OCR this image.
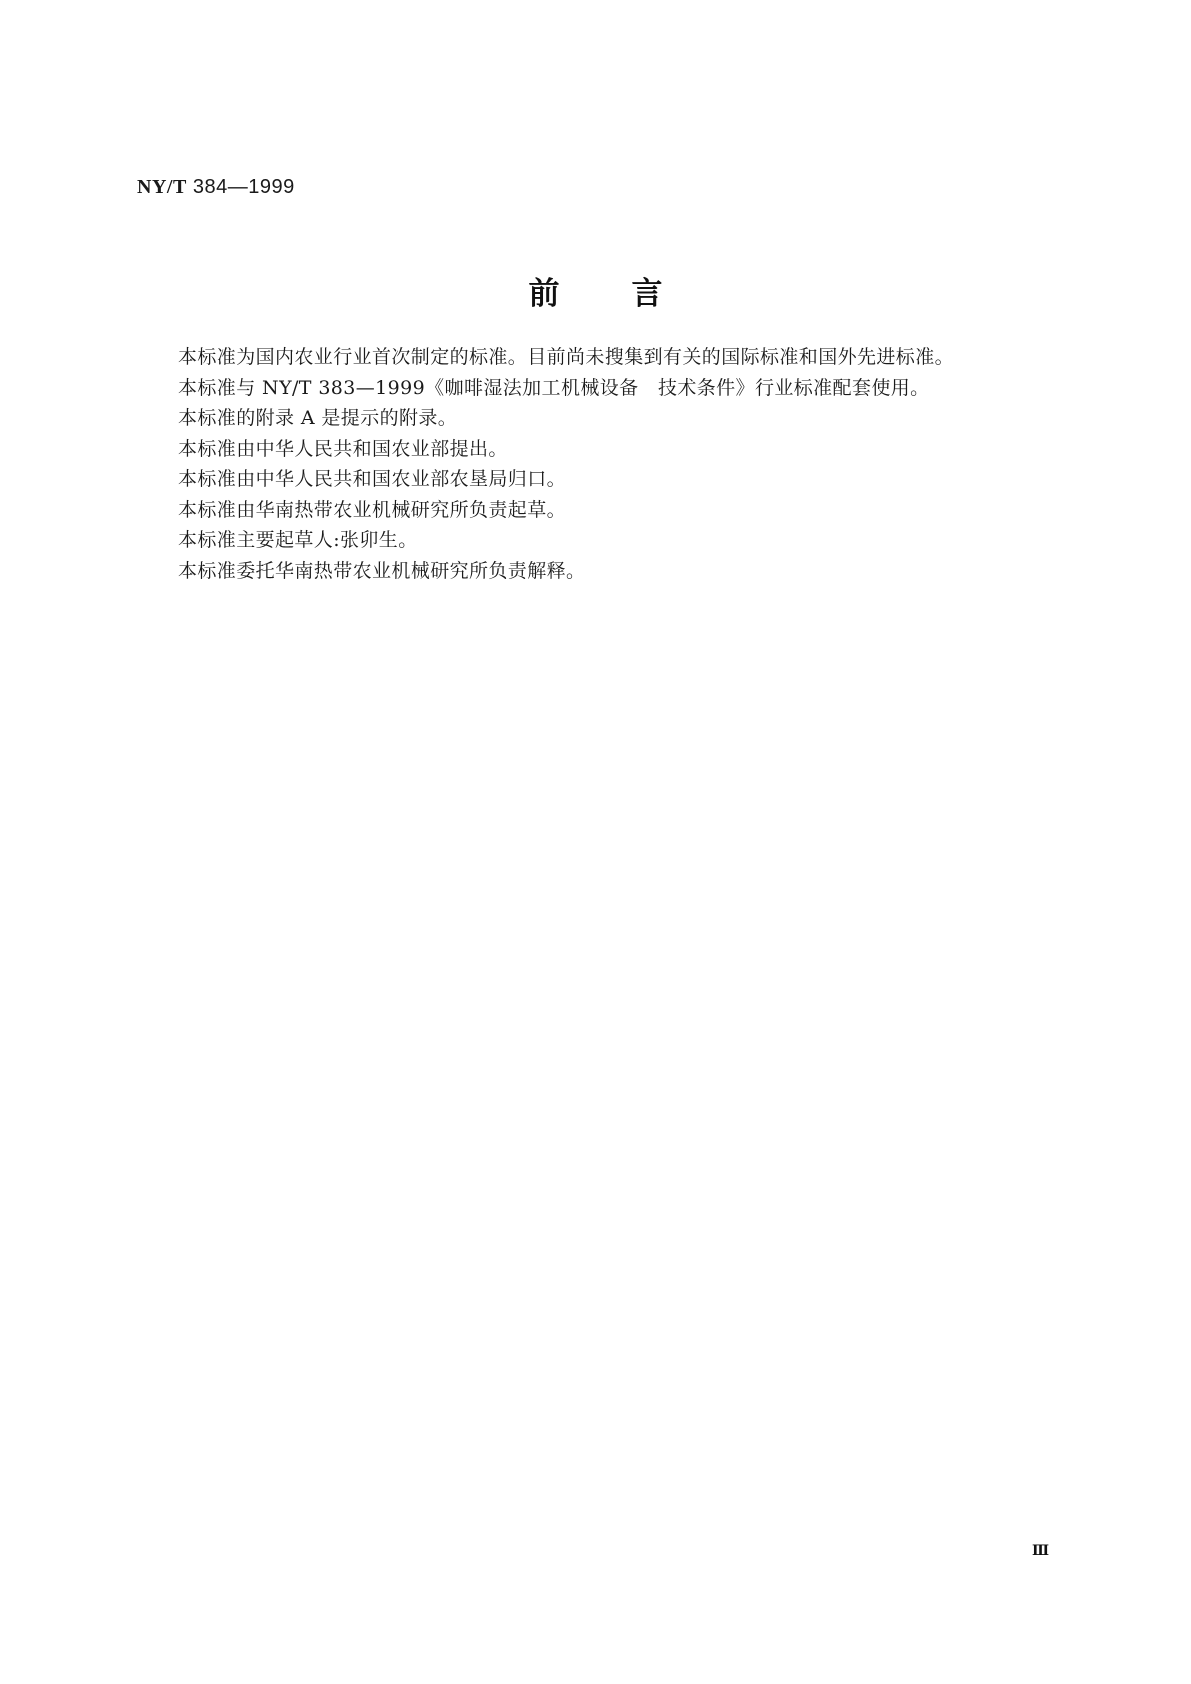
NY/T 384—1999
前言
本标准为国内农业行业首次制定的标准。目前尚未搜集到有关的国际标准和国外先进标准。
本标准与 NY/T 383—1999《咖啡湿法加工机械设备　技术条件》行业标准配套使用。
本标准的附录 A 是提示的附录。
本标准由中华人民共和国农业部提出。
本标准由中华人民共和国农业部农垦局归口。
本标准由华南热带农业机械研究所负责起草。
本标准主要起草人:张卯生。
本标准委托华南热带农业机械研究所负责解释。
Ⅲ
